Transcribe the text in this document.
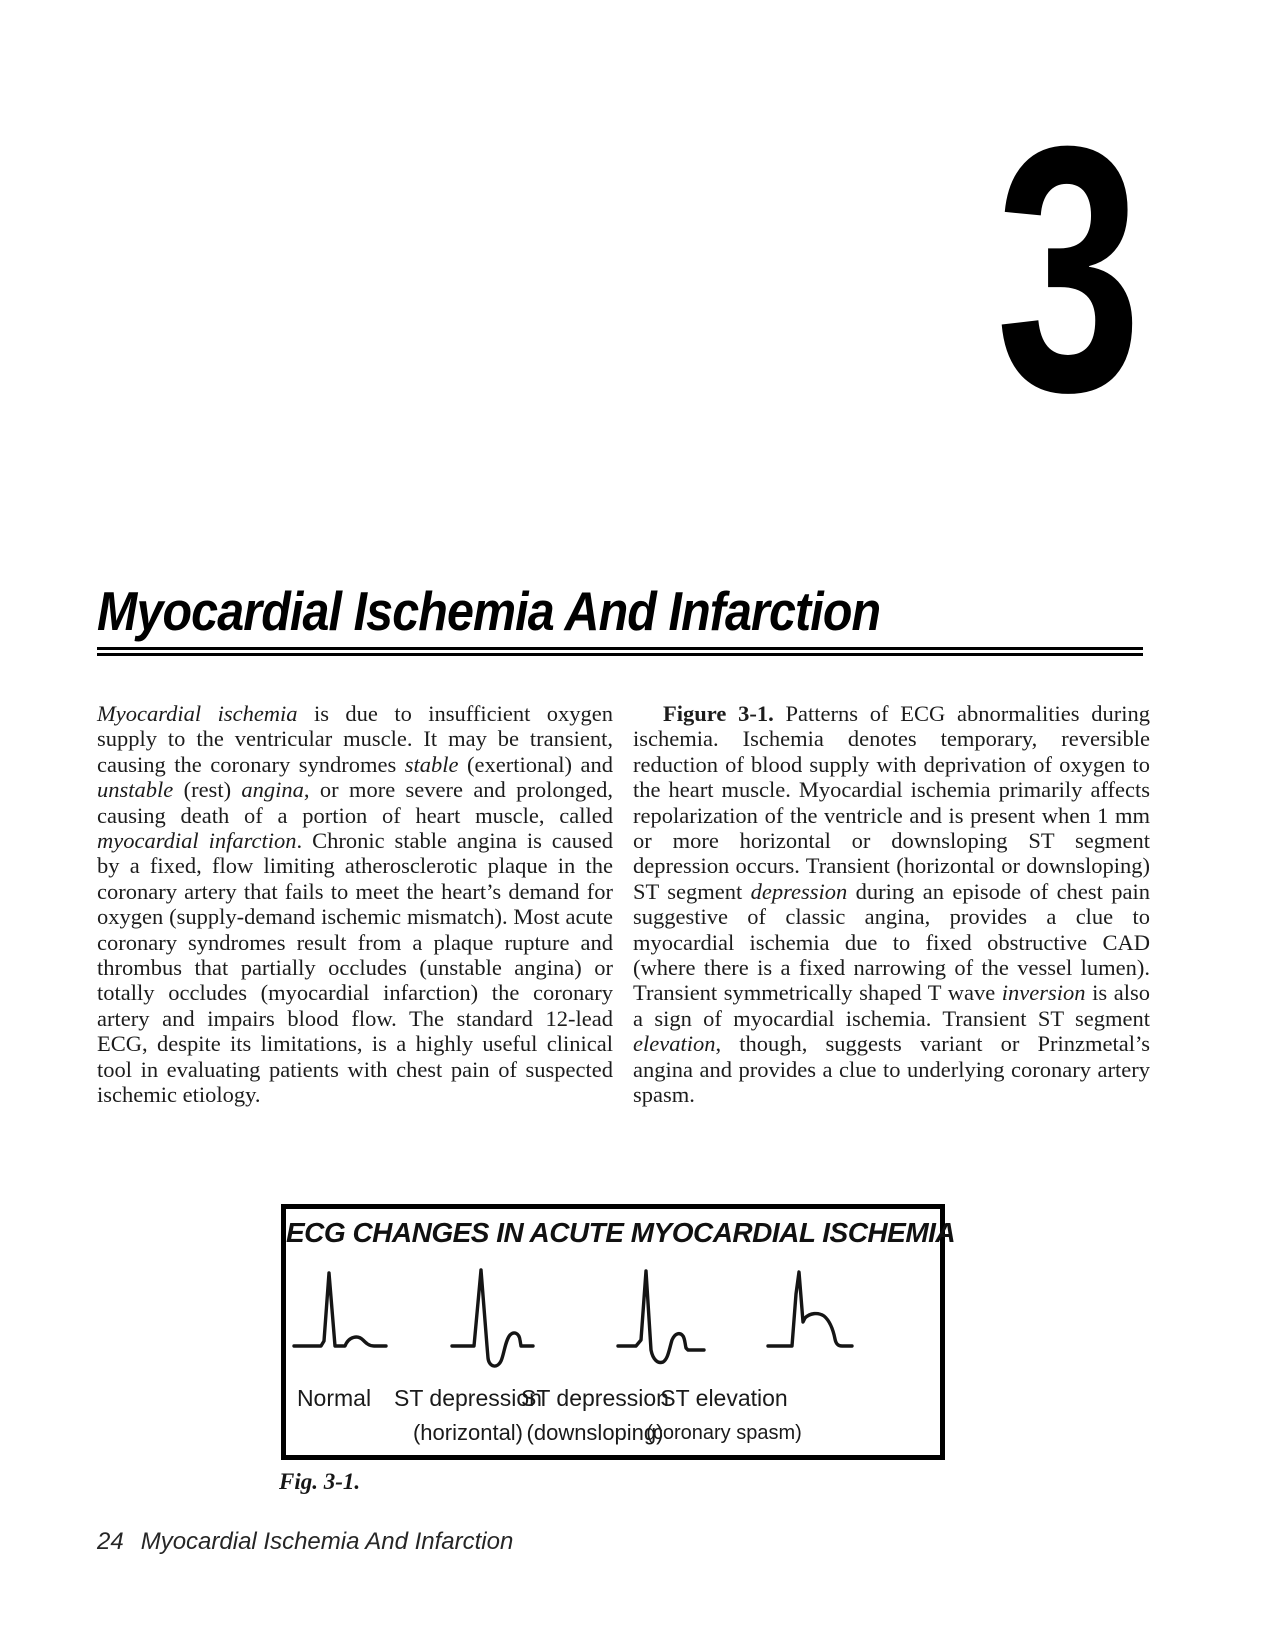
3
Myocardial Ischemia And Infarction

Myocardial ischemia is due to insufficient oxygen supply to the ventricular muscle. It may be transient, causing the coronary syndromes stable (exertional) and unstable (rest) angina, or more severe and prolonged, causing death of a portion of heart muscle, called myocardial infarction. Chronic stable angina is caused by a fixed, flow limiting atherosclerotic plaque in the coronary artery that fails to meet the heart’s demand for oxygen (supply-demand ischemic mismatch). Most acute coronary syndromes result from a plaque rupture and thrombus that partially occludes (unstable angina) or totally occludes (myocardial infarction) the coronary artery and impairs blood flow. The standard 12-lead ECG, despite its limitations, is a highly useful clinical tool in evaluating patients with chest pain of suspected ischemic etiology.

Figure 3-1. Patterns of ECG abnormalities during ischemia. Ischemia denotes temporary, reversible reduction of blood supply with deprivation of oxygen to the heart muscle. Myocardial ischemia primarily affects repolarization of the ventricle and is present when 1 mm or more horizontal or downsloping ST segment depression occurs. Transient (horizontal or downsloping) ST segment depression during an episode of chest pain suggestive of classic angina, provides a clue to myocardial ischemia due to fixed obstructive CAD (where there is a fixed narrowing of the vessel lumen). Transient symmetrically shaped T wave inversion is also a sign of myocardial ischemia. Transient ST segment elevation, though, suggests variant or Prinzmetal’s angina and provides a clue to underlying coronary artery spasm.

ECG CHANGES IN ACUTE MYOCARDIAL ISCHEMIA
Normal ST depression
(horizontal)
ST depression
(downsloping)
ST elevation
(coronary spasm)
Fig. 3-1.
24 Myocardial Ischemia And Infarction
